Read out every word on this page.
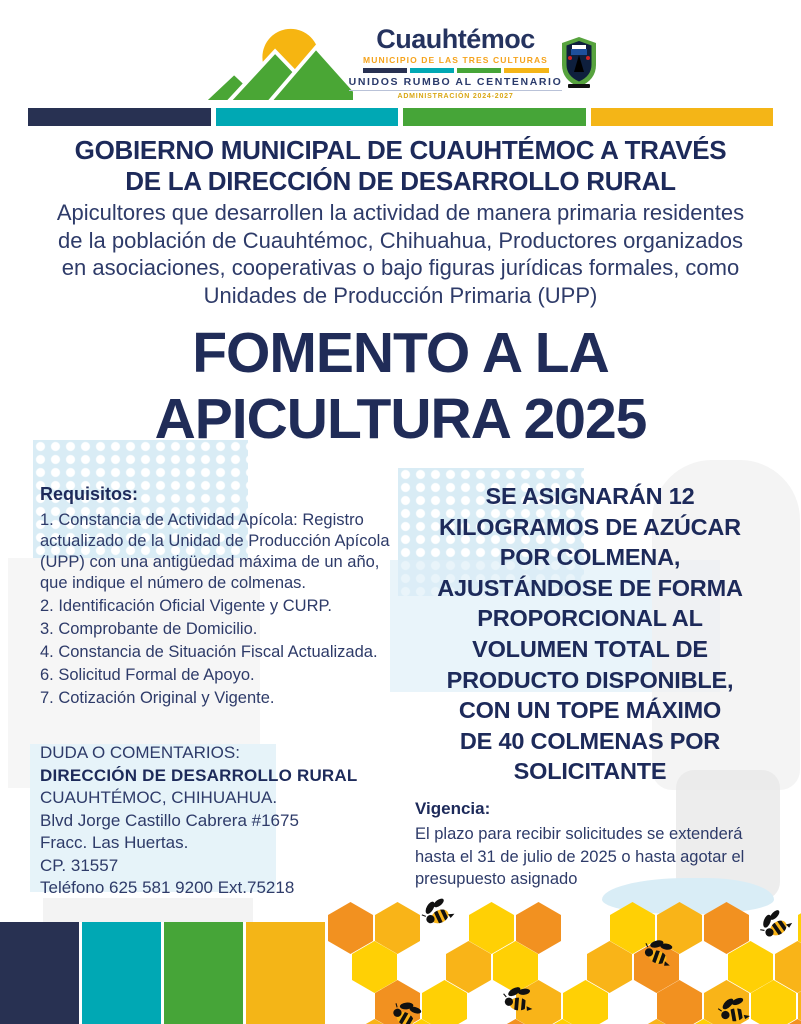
Cuauhtémoc
MUNICIPIO DE LAS TRES CULTURAS
UNIDOS RUMBO AL CENTENARIO
ADMINISTRACIÓN 2024-2027
GOBIERNO MUNICIPAL DE CUAUHTÉMOC A TRAVÉS
DE LA DIRECCIÓN DE DESARROLLO RURAL
Apicultores que desarrollen la actividad de manera primaria residentes
de la población de Cuauhtémoc, Chihuahua, Productores organizados
en asociaciones, cooperativas o bajo figuras jurídicas formales, como
Unidades de Producción Primaria (UPP)
FOMENTO A LA
APICULTURA 2025
Requisitos:
1. Constancia de Actividad Apícola: Registro actualizado de la Unidad de Producción Apícola (UPP) con una antigüedad máxima de un año, que indique el número de colmenas.
2. Identificación Oficial Vigente y CURP.
3. Comprobante de Domicilio.
4. Constancia de Situación Fiscal Actualizada.
6. Solicitud Formal de Apoyo.
7. Cotización Original y Vigente.
DUDA O COMENTARIOS:
DIRECCIÓN DE DESARROLLO RURAL
CUAUHTÉMOC, CHIHUAHUA.
Blvd Jorge Castillo Cabrera #1675
Fracc. Las Huertas.
CP. 31557
Teléfono 625 581 9200 Ext.75218
SE ASIGNARÁN 12
KILOGRAMOS DE AZÚCAR
POR COLMENA,
AJUSTÁNDOSE DE FORMA
PROPORCIONAL AL
VOLUMEN TOTAL DE
PRODUCTO DISPONIBLE,
CON UN TOPE MÁXIMO
DE 40 COLMENAS POR
SOLICITANTE
Vigencia:
El plazo para recibir solicitudes se extenderá hasta el 31 de julio de 2025 o hasta agotar el presupuesto asignado
